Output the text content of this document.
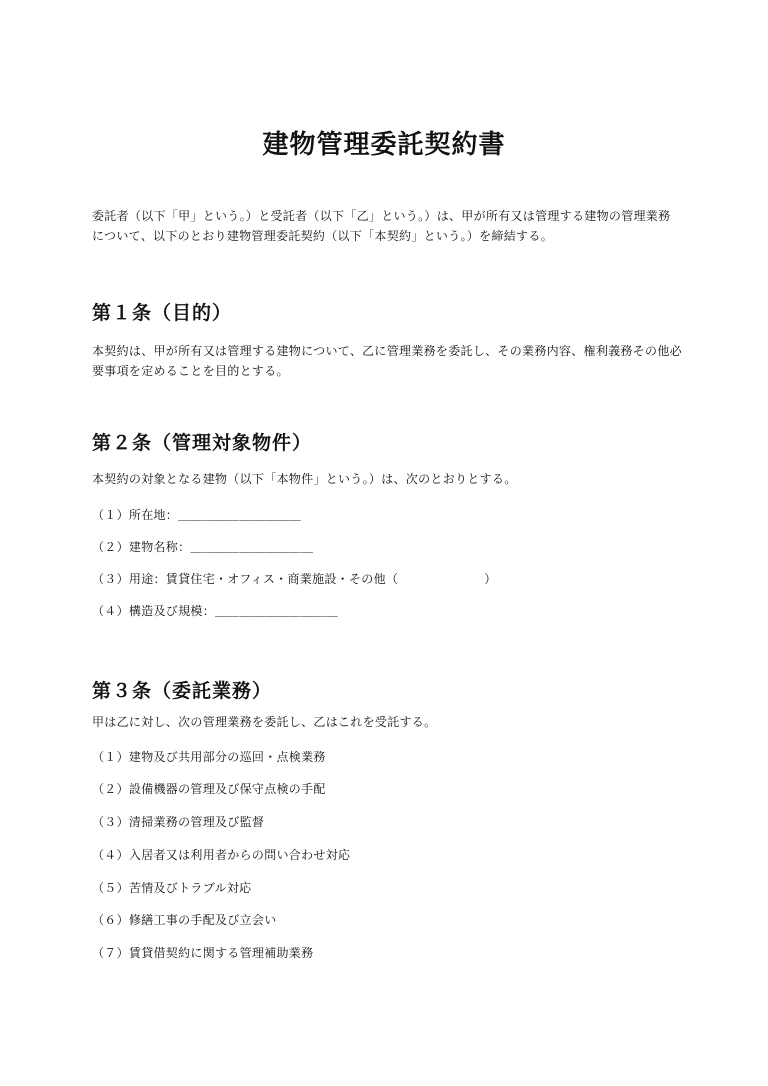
建物管理委託契約書

委託者（以下「甲」という。）と受託者（以下「乙」という。）は、甲が所有又は管理する建物の管理業務について、以下のとおり建物管理委託契約（以下「本契約」という。）を締結する。

第１条（目的）

本契約は、甲が所有又は管理する建物について、乙に管理業務を委託し、その業務内容、権利義務その他必要事項を定めることを目的とする。

第２条（管理対象物件）

本契約の対象となる建物（以下「本物件」という。）は、次のとおりとする。

（１）所在地：＿＿＿＿＿＿＿＿＿＿

（２）建物名称：＿＿＿＿＿＿＿＿＿＿

（３）用途：賃貸住宅・オフィス・商業施設・その他（　　　　　　　）

（４）構造及び規模：＿＿＿＿＿＿＿＿＿＿

第３条（委託業務）

甲は乙に対し、次の管理業務を委託し、乙はこれを受託する。

（１）建物及び共用部分の巡回・点検業務

（２）設備機器の管理及び保守点検の手配

（３）清掃業務の管理及び監督

（４）入居者又は利用者からの問い合わせ対応

（５）苦情及びトラブル対応

（６）修繕工事の手配及び立会い

（７）賃貸借契約に関する管理補助業務
